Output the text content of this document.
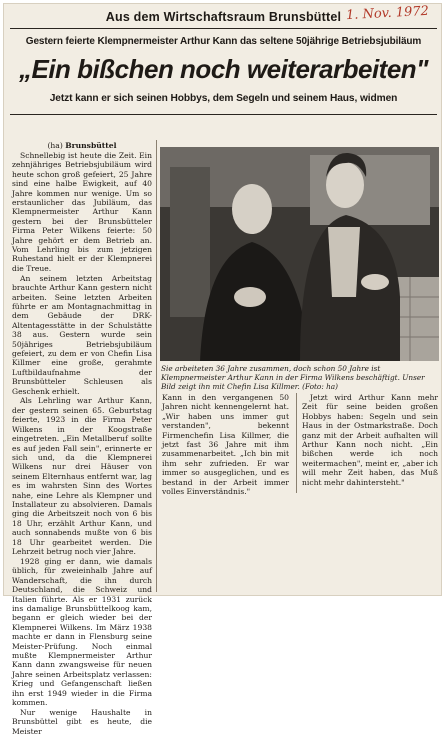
Aus dem Wirtschaftsraum Brunsbüttel 1. Nov. 1972
Gestern feierte Klempnermeister Arthur Kann das seltene 50jährige Betriebsjubiläum
„Ein bißchen noch weiterarbeiten"
Jetzt kann er sich seinen Hobbys, dem Segeln und seinem Haus, widmen

(ha) Brunsbüttel

Schnellebig ist heute die Zeit. Ein zehnjähriges Betriebsjubiläum wird heute schon groß gefeiert, 25 Jahre sind eine halbe Ewigkeit, auf 40 Jahre kommen nur wenige. Um so erstaunlicher das Jubiläum, das Klempnermeister Arthur Kann gestern bei der Brunsbütteler Firma Peter Wilkens feierte: 50 Jahre gehört er dem Betrieb an. Vom Lehrling bis zum jetzigen Ruhestand hielt er der Klempnerei die Treue.

An seinem letzten Arbeitstag brauchte Arthur Kann gestern nicht arbeiten. Seine letzten Arbeiten führte er am Montagnachmittag in dem Gebäude der DRK-Altentagesstätte in der Schulstätte 38 aus. Gestern wurde sein 50jähriges Betriebsjubiläum gefeiert, zu dem er von Chefin Lisa Killmer eine große, gerahmte Luftbildaufnahme der Brunsbütteler Schleusen als Geschenk erhielt.

Als Lehrling war Arthur Kann, der gestern seinen 65. Geburtstag feierte, 1923 in die Firma Peter Wilkens in der Koogstraße eingetreten. „Ein Metallberuf sollte es auf jeden Fall sein", erinnerte er sich und, da die Klempnerei Wilkens nur drei Häuser von seinem Elternhaus entfernt war, lag es im wahrsten Sinn des Wortes nahe, eine Lehre als Klempner und Installateur zu absolvieren. Damals ging die Arbeitszeit noch von 6 bis 18 Uhr, erzählt Arthur Kann, und auch sonnabends mußte von 6 bis 18 Uhr gearbeitet werden. Die Lehrzeit betrug noch vier Jahre.

1928 ging er dann, wie damals üblich, für zweieinhalb Jahre auf Wanderschaft, die ihn durch Deutschland, die Schweiz und Italien führte. Als er 1931 zurück ins damalige Brunsbüttelkoog kam, begann er gleich wieder bei der Klempnerei Wilkens. Im März 1938 machte er dann in Flensburg seine Meister-Prüfung. Noch einmal mußte Klempnermeister Arthur Kann dann zwangsweise für neuen Jahre seinen Arbeitsplatz verlassen: Krieg und Gefangenschaft ließen ihn erst 1949 wieder in die Firma kommen.

Nur wenige Haushalte in Brunsbüttel gibt es heute, die Meister

Sie arbeiteten 36 Jahre zusammen, doch schon 50 Jahre ist Klempnermeister Arthur Kann in der Firma Wilkens beschäftigt. Unser Bild zeigt ihn mit Chefin Lisa Killmer. (Foto: ha)

Kann in den vergangenen 50 Jahren nicht kennengelernt hat. „Wir haben uns immer gut verstanden", bekennt Firmenchefin Lisa Killmer, die jetzt fast 36 Jahre mit ihm zusammenarbeitet. „Ich bin mit ihm sehr zufrieden. Er war immer so ausgeglichen, und es bestand in der Arbeit immer volles Einverständnis."

Jetzt wird Arthur Kann mehr Zeit für seine beiden großen Hobbys haben: Segeln und sein Haus in der Ostmarkstraße. Doch ganz mit der Arbeit aufhalten will Arthur Kann noch nicht. „Ein bißchen werde ich noch weitermachen", meint er, „aber ich will mehr Zeit haben, das Muß nicht mehr dahintersteht."
